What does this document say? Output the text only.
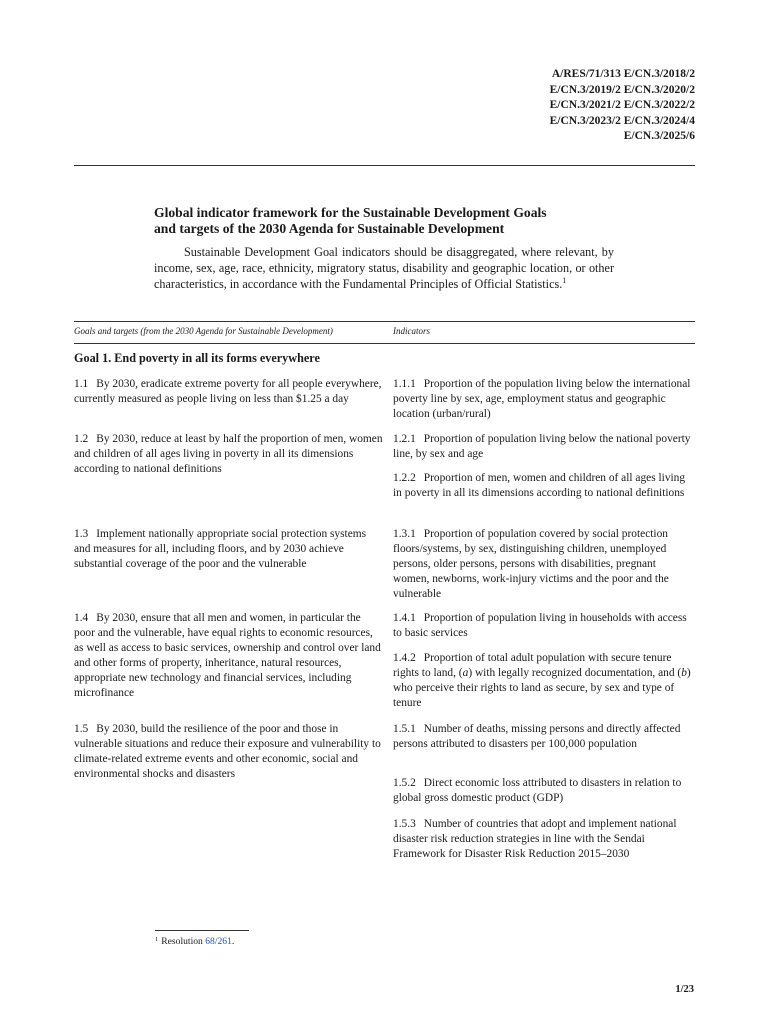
A/RES/71/313 E/CN.3/2018/2
E/CN.3/2019/2 E/CN.3/2020/2
E/CN.3/2021/2 E/CN.3/2022/2
E/CN.3/2023/2 E/CN.3/2024/4
E/CN.3/2025/6
Global indicator framework for the Sustainable Development Goals
and targets of the 2030 Agenda for Sustainable Development
Sustainable Development Goal indicators should be disaggregated, where relevant, by income, sex, age, race, ethnicity, migratory status, disability and geographic location, or other characteristics, in accordance with the Fundamental Principles of Official Statistics.$^1$
Goals and targets (from the 2030 Agenda for Sustainable Development)	Indicators
Goal 1. End poverty in all its forms everywhere
1.1 By 2030, eradicate extreme poverty for all people everywhere, currently measured as people living on less than $1.25 a day
1.2 By 2030, reduce at least by half the proportion of men, women and children of all ages living in poverty in all its dimensions according to national definitions
1.3 Implement nationally appropriate social protection systems and measures for all, including floors, and by 2030 achieve substantial coverage of the poor and the vulnerable
1.4 By 2030, ensure that all men and women, in particular the poor and the vulnerable, have equal rights to economic resources, as well as access to basic services, ownership and control over land and other forms of property, inheritance, natural resources, appropriate new technology and financial services, including microfinance
1.5 By 2030, build the resilience of the poor and those in vulnerable situations and reduce their exposure and vulnerability to climate-related extreme events and other economic, social and environmental shocks and disasters
1.1.1 Proportion of the population living below the international poverty line by sex, age, employment status and geographic location (urban/rural)
1.2.1 Proportion of population living below the national poverty line, by sex and age
1.2.2 Proportion of men, women and children of all ages living in poverty in all its dimensions according to national definitions
1.3.1 Proportion of population covered by social protection floors/systems, by sex, distinguishing children, unemployed persons, older persons, persons with disabilities, pregnant women, newborns, work-injury victims and the poor and the vulnerable
1.4.1 Proportion of population living in households with access to basic services
1.4.2 Proportion of total adult population with secure tenure rights to land, (a) with legally recognized documentation, and (b) who perceive their rights to land as secure, by sex and type of tenure
1.5.1 Number of deaths, missing persons and directly affected persons attributed to disasters per 100,000 population
1.5.2 Direct economic loss attributed to disasters in relation to global gross domestic product (GDP)
1.5.3 Number of countries that adopt and implement national disaster risk reduction strategies in line with the Sendai Framework for Disaster Risk Reduction 2015–2030
$^1$ Resolution 68/261.
1/23
